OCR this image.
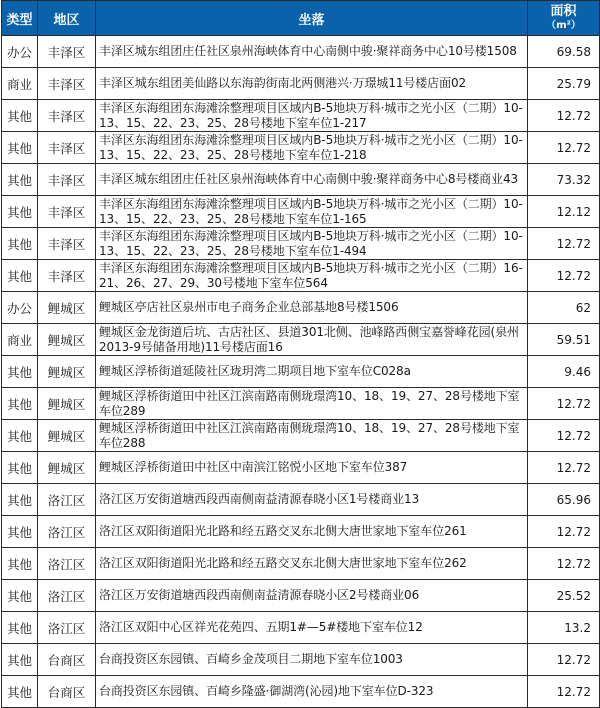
类型	地区	坐落	面积
（m²）
办公	丰泽区	丰泽区城东组团庄任社区泉州海峡体育中心南侧中骏·聚祥商务中心10号楼1508	69.58
商业	丰泽区	丰泽区城东组团美仙路以东海韵街南北两侧港兴·万璟城11号楼店面02	25.79
其他	丰泽区	丰泽区东海组团东海滩涂整理项目区域内B-5地块万科·城市之光小区（二期）10-13、15、22、23、25、28号楼地下室车位1-217	12.72
其他	丰泽区	丰泽区东海组团东海滩涂整理项目区域内B-5地块万科·城市之光小区（二期）10-13、15、22、23、25、28号楼地下室车位1-218	12.72
其他	丰泽区	丰泽区城东组团庄任社区泉州海峡体育中心南侧中骏·聚祥商务中心8号楼商业43	73.32
其他	丰泽区	丰泽区东海组团东海滩涂整理项目区域内B-5地块万科·城市之光小区（二期）10-13、15、22、23、25、28号楼地下室车位1-165	12.12
其他	丰泽区	丰泽区东海组团东海滩涂整理项目区域内B-5地块万科·城市之光小区（二期）10-13、15、22、23、25、28号楼地下室车位1-494	12.72
其他	丰泽区	丰泽区东海组团东海滩涂整理项目区域内B-5地块万科·城市之光小区（二期）16-21、26、27、29、30号楼地下室车位564	12.72
办公	鲤城区	鲤城区亭店社区泉州市电子商务企业总部基地8号楼1506	62
商业	鲤城区	鲤城区金龙街道后坑、古店社区、县道301北侧、池峰路西侧宝嘉誉峰花园(泉州2013-9号储备用地)11号楼店面16	59.51
其他	鲤城区	鲤城区浮桥街道延陵社区珑玥湾二期项目地下室车位C028a	9.46
其他	鲤城区	鲤城区浮桥街道田中社区江滨南路南侧珑璟湾10、18、19、27、28号楼地下室车位289	12.72
其他	鲤城区	鲤城区浮桥街道田中社区江滨南路南侧珑璟湾10、18、19、27、28号楼地下室车位288	12.72
其他	鲤城区	鲤城区浮桥街道田中社区中南滨江铭悦小区地下室车位387	12.72
其他	洛江区	洛江区万安街道塘西段西南侧南益清源春晓小区1号楼商业13	65.96
其他	洛江区	洛江区双阳街道阳光北路和经五路交叉东北侧大唐世家地下室车位261	12.72
其他	洛江区	洛江区双阳街道阳光北路和经五路交叉东北侧大唐世家地下室车位262	12.72
其他	洛江区	洛江区万安街道塘西段西南侧南益清源春晓小区2号楼商业06	25.52
其他	洛江区	洛江区双阳中心区祥光花苑四、五期1#—5#楼地下室车位12	13.2
其他	台商区	台商投资区东园镇、百崎乡金茂项目二期地下室车位1003	12.72
其他	台商区	台商投资区东园镇、百崎乡隆盛·御湖湾(沁园)地下室车位D-323	12.72
